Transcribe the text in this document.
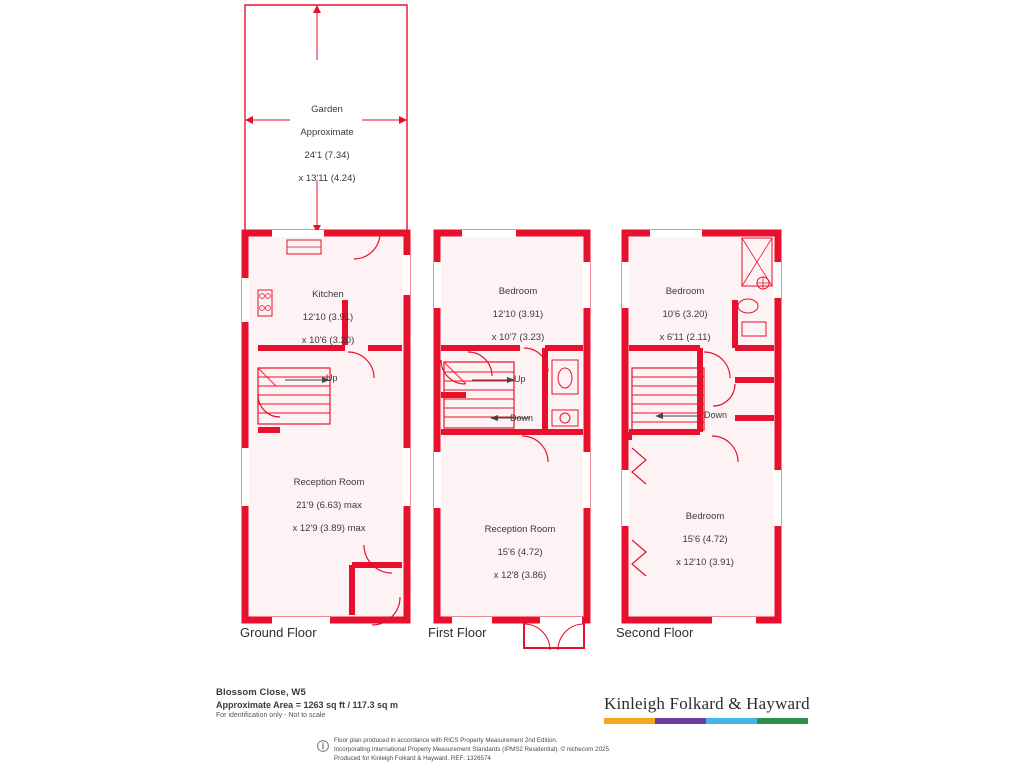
Garden

Approximate

24'1 (7.34)

x 13'11 (4.24)

Kitchen

12'10 (3.91)

x 10'6 (3.20)

Reception Room

21'9 (6.63) max

x 12'9 (3.89) max

Up
Ground Floor

Bedroom

12'10 (3.91)

x 10'7 (3.23)

Reception Room

15'6 (4.72)

x 12'8 (3.86)

Up
Down
First Floor

Bedroom

10'6 (3.20)

x 6'11 (2.11)

Bedroom

15'6 (4.72)

x 12'10 (3.91)

Down
Second Floor
Blossom Close, W5
Approximate Area = 1263 sq ft / 117.3 sq m
For identification only - Not to scale
Kinleigh Folkard & Hayward
Floor plan produced in accordance with RICS Property Measurement 2nd Edition.
Incorporating International Property Measurement Standards (IPMS2 Residential). © nichecom 2025.
Produced for Kinleigh Folkard & Hayward. REF: 1326574
